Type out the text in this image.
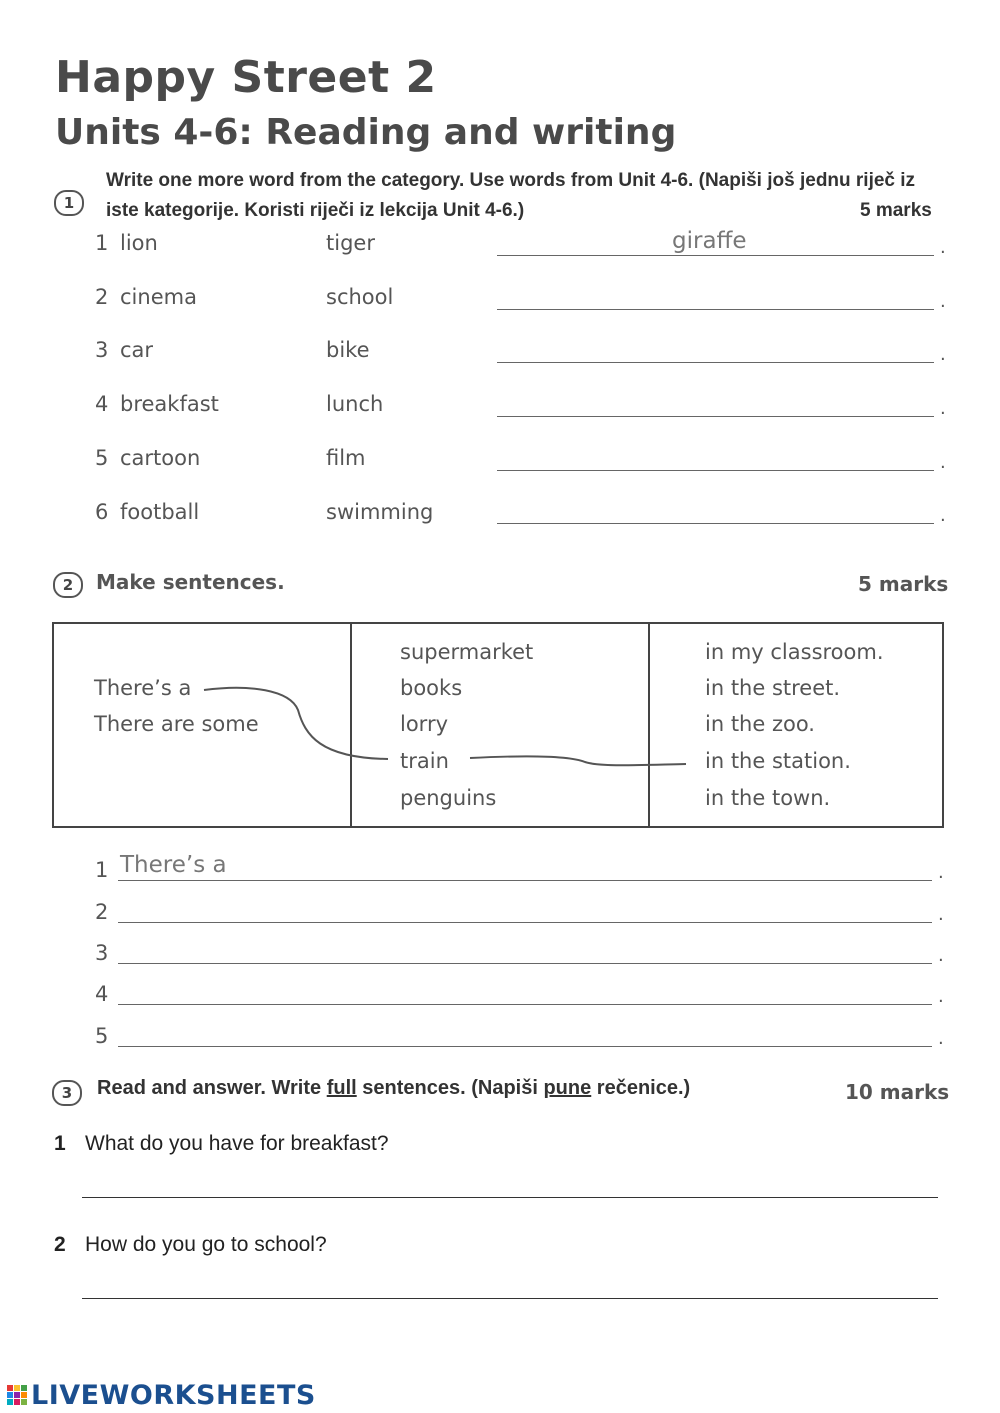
Happy Street 2
Units 4-6: Reading and writing
1
Write one more word from the category. Use words from Unit 4-6. (Napiši još jednu riječ iz
iste kategorije. Koristi riječi iz lekcija Unit 4-6.)	5 marks
1 lion	tiger	giraffe	.
2 cinema	school	.
3 car	bike	.
4 breakfast	lunch	.
5 cartoon	film	.
6 football	swimming	.
2	Make sentences.	5 marks
There’s a
There are some
supermarket
books
lorry
train
penguins
in my classroom.
in the street.
in the zoo.
in the station.
in the town.
1 There’s a	.
2	.
3	.
4	.
5	.
3	Read and answer. Write full sentences. (Napiši pune rečenice.)	10 marks
1 What do you have for breakfast?
2 How do you go to school?
LIVEWORKSHEETS
